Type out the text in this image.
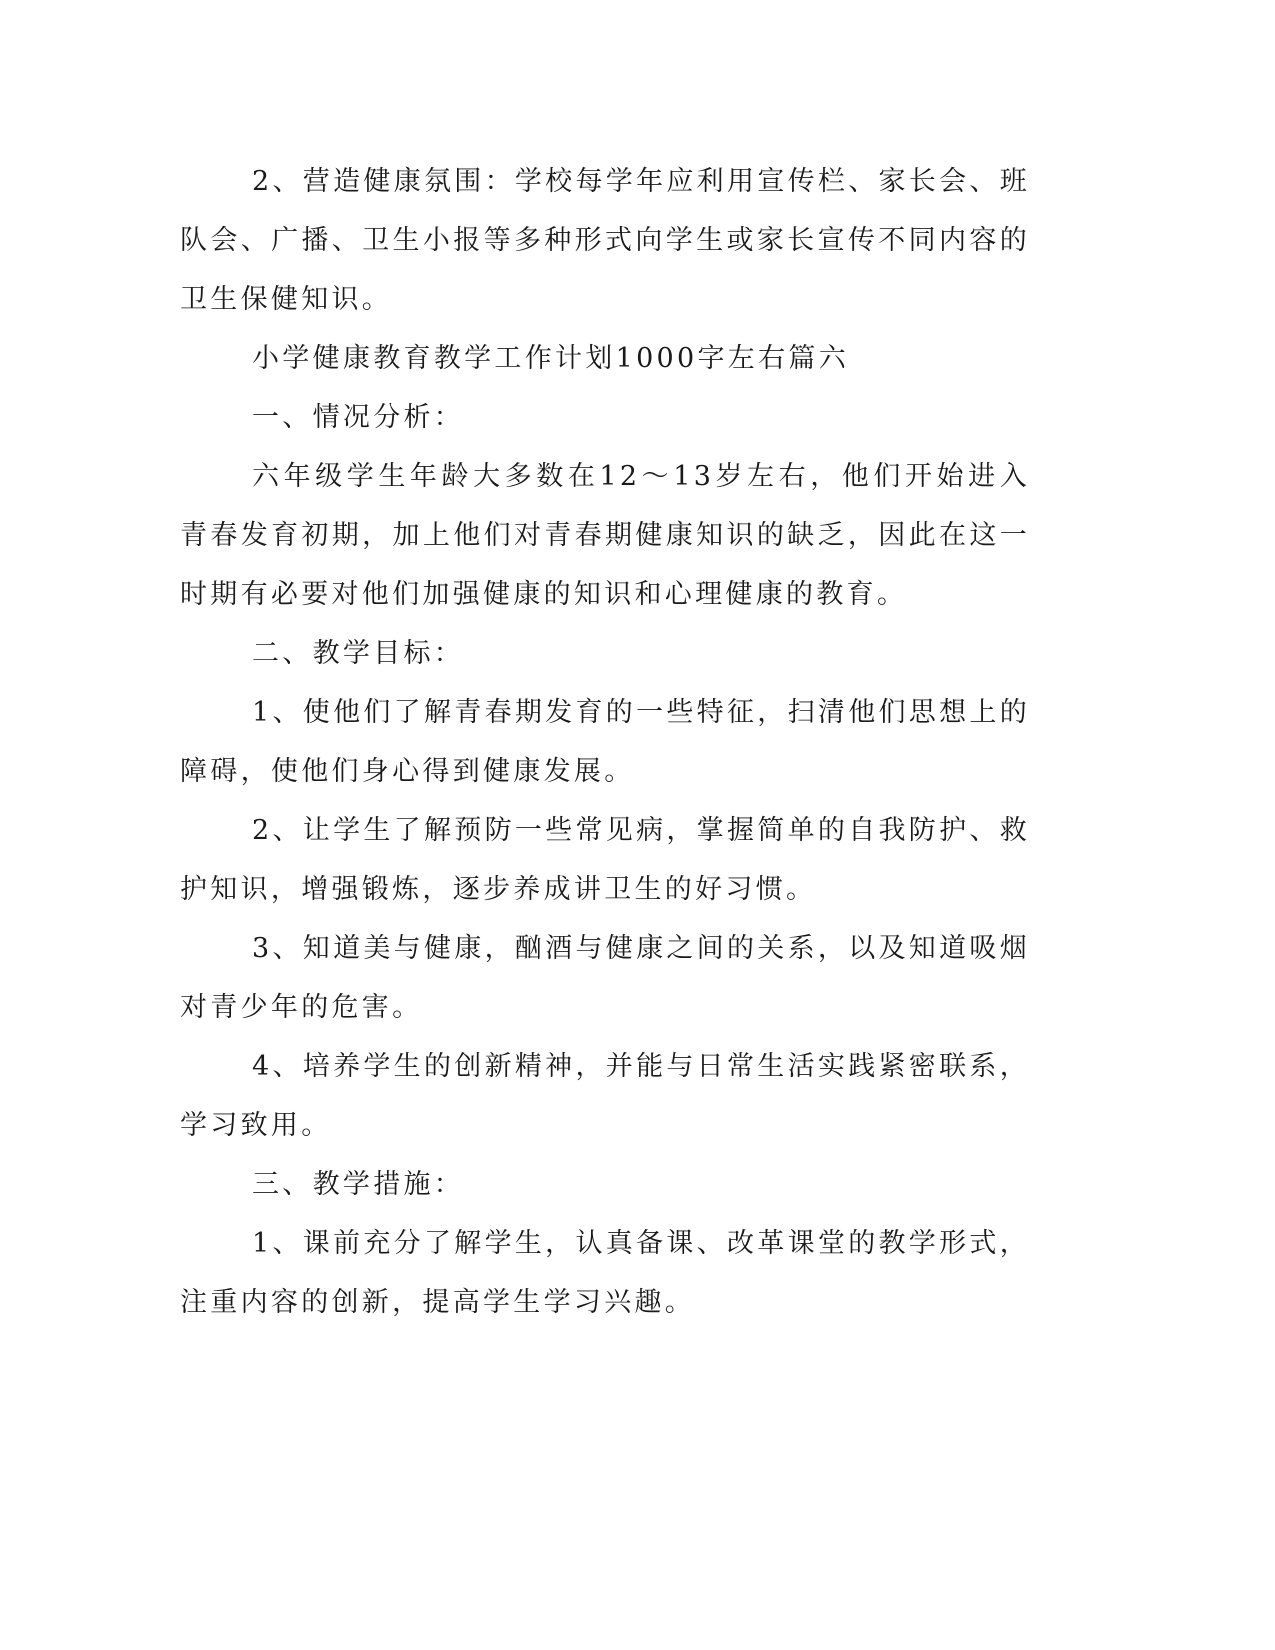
2、营造健康氛围：学校每学年应利用宣传栏、家长会、班队会、广播、卫生小报等多种形式向学生或家长宣传不同内容的卫生保健知识。

小学健康教育教学工作计划1000字左右篇六

一、情况分析：

六年级学生年龄大多数在12～13岁左右，他们开始进入青春发育初期，加上他们对青春期健康知识的缺乏，因此在这一时期有必要对他们加强健康的知识和心理健康的教育。

二、教学目标：

1、使他们了解青春期发育的一些特征，扫清他们思想上的障碍，使他们身心得到健康发展。

2、让学生了解预防一些常见病，掌握简单的自我防护、救护知识，增强锻炼，逐步养成讲卫生的好习惯。

3、知道美与健康，酗酒与健康之间的关系，以及知道吸烟对青少年的危害。

4、培养学生的创新精神，并能与日常生活实践紧密联系，学习致用。

三、教学措施：

1、课前充分了解学生，认真备课、改革课堂的教学形式，注重内容的创新，提高学生学习兴趣。
